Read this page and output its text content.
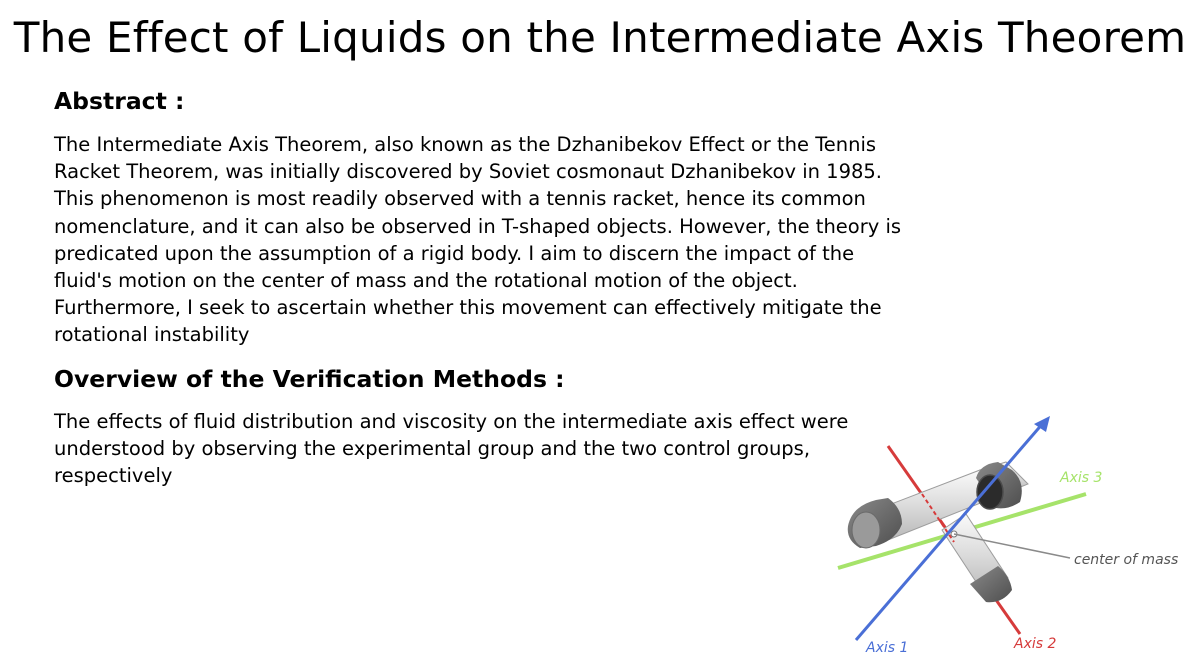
The Effect of Liquids on the Intermediate Axis Theorem
Abstract :
The Intermediate Axis Theorem, also known as the Dzhanibekov Effect or the Tennis
Racket Theorem, was initially discovered by Soviet cosmonaut Dzhanibekov in 1985.
This phenomenon is most readily observed with a tennis racket, hence its common
nomenclature, and it can also be observed in T-shaped objects. However, the theory is
predicated upon the assumption of a rigid body. I aim to discern the impact of the
fluid's motion on the center of mass and the rotational motion of the object.
Furthermore, I seek to ascertain whether this movement can effectively mitigate the
rotational instability
Overview of the Verification Methods :
The effects of fluid distribution and viscosity on the intermediate axis effect were
understood by observing the experimental group and the two control groups,
respectively
Axis 1	Axis 2
Axis 3
center of mass
